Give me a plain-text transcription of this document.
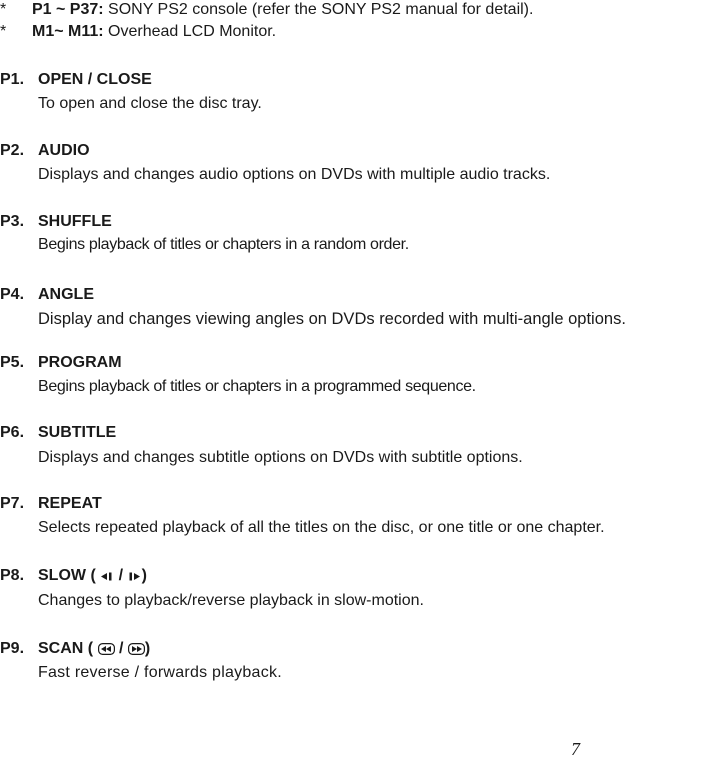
* P1 ~ P37: SONY PS2 console (refer the SONY PS2 manual for detail).
* M1~ M11: Overhead LCD Monitor.
P1. OPEN / CLOSE
To open and close the disc tray.
P2. AUDIO
Displays and changes audio options on DVDs with multiple audio tracks.
P3. SHUFFLE
Begins playback of titles or chapters in a random order.
P4. ANGLE
Display and changes viewing angles on DVDs recorded with multi-angle options.
P5. PROGRAM
Begins playback of titles or chapters in a programmed sequence.
P6. SUBTITLE
Displays and changes subtitle options on DVDs with subtitle options.
P7. REPEAT
Selects repeated playback of all the titles on the disc, or one title or one chapter.
P8. SLOW ( / )
Changes to playback/reverse playback in slow-motion.
P9. SCAN ( / )
Fast reverse / forwards playback.
7
